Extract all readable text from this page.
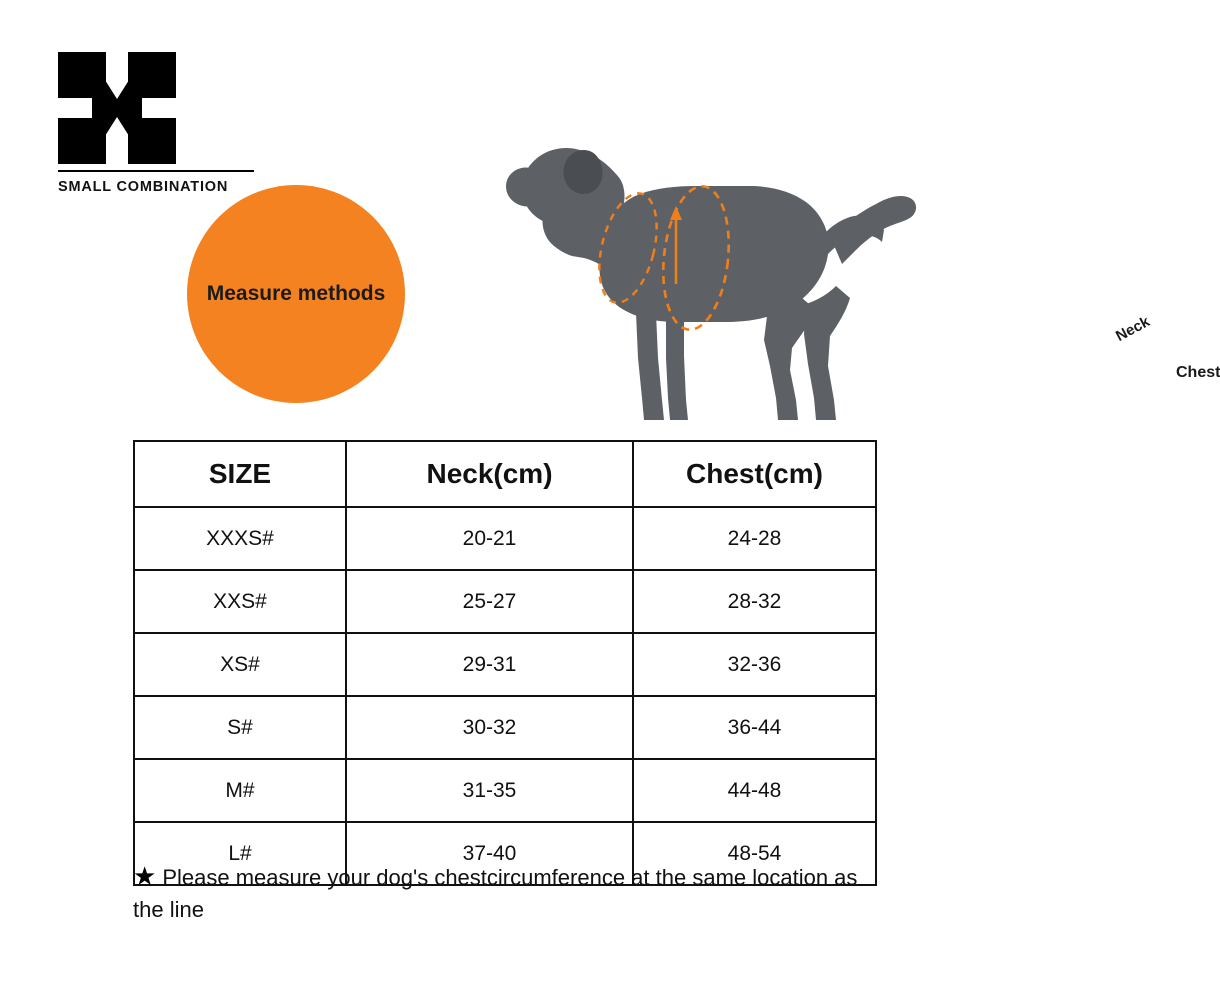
SMALL COMBINATION
Measure methods
Neck
Chest
SIZE	Neck(cm)	Chest(cm)
XXXS#	20-21	24-28
XXS#	25-27	28-32
XS#	29-31	32-36
S#	30-32	36-44
M#	31-35	44-48
L#	37-40	48-54
★ Please measure your dog's chestcircumference at the same location as the line
